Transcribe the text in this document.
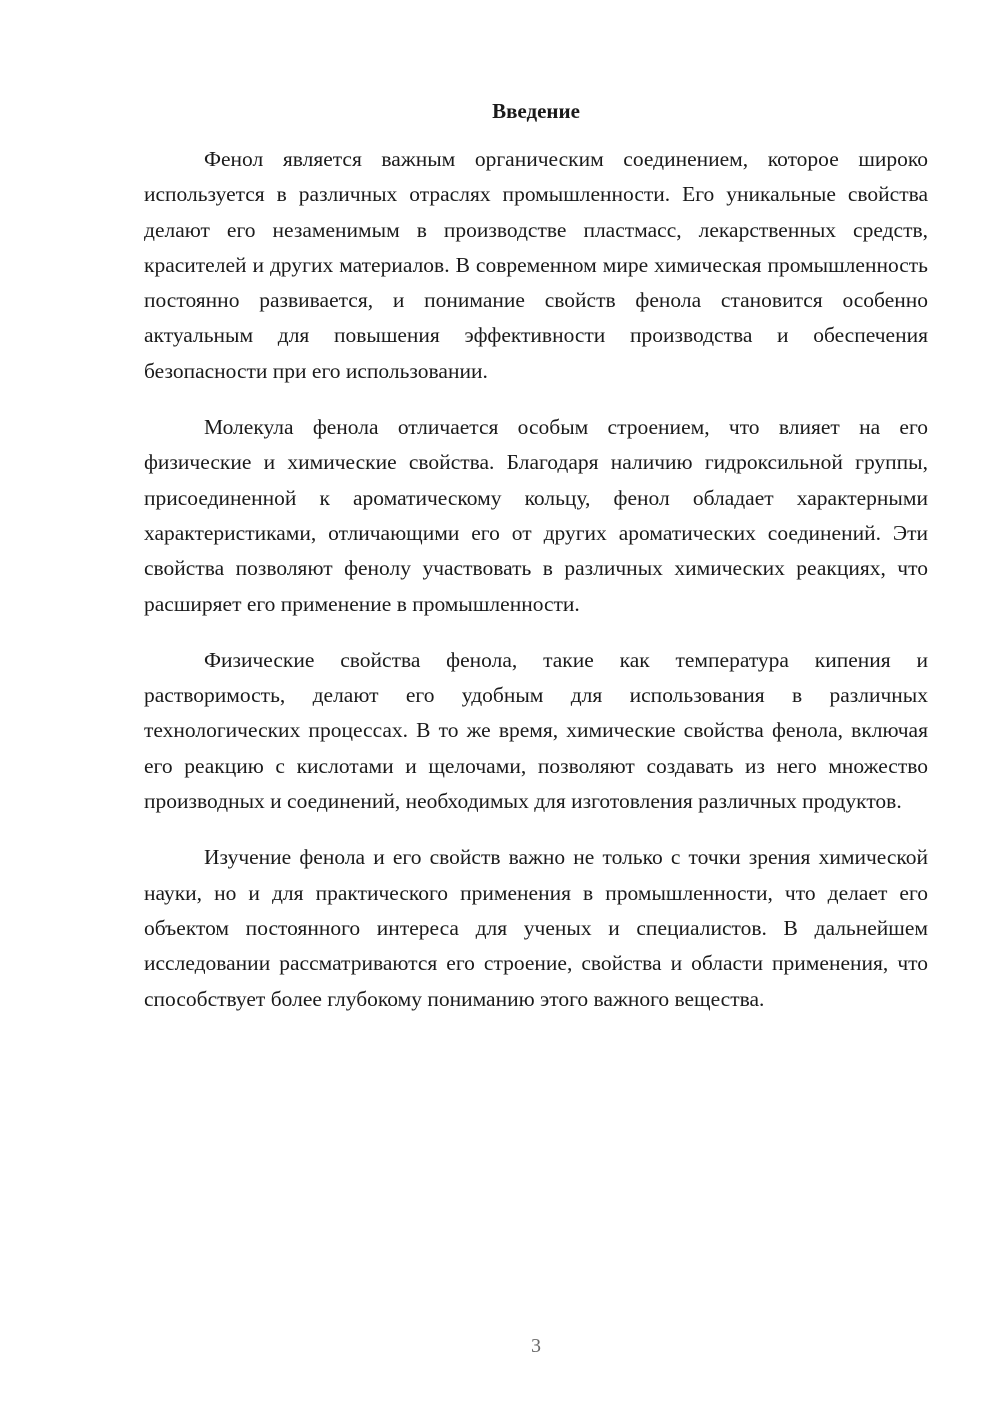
Введение

Фенол является важным органическим соединением, которое широко используется в различных отраслях промышленности. Его уникальные свойства делают его незаменимым в производстве пластмасс, лекарственных средств, красителей и других материалов. В современном мире химическая промышленность постоянно развивается, и понимание свойств фенола становится особенно актуальным для повышения эффективности производства и обеспечения безопасности при его использовании.

Молекула фенола отличается особым строением, что влияет на его физические и химические свойства. Благодаря наличию гидроксильной группы, присоединенной к ароматическому кольцу, фенол обладает характерными характеристиками, отличающими его от других ароматических соединений. Эти свойства позволяют фенолу участвовать в различных химических реакциях, что расширяет его применение в промышленности.

Физические свойства фенола, такие как температура кипения и растворимость, делают его удобным для использования в различных технологических процессах. В то же время, химические свойства фенола, включая его реакцию с кислотами и щелочами, позволяют создавать из него множество производных и соединений, необходимых для изготовления различных продуктов.

Изучение фенола и его свойств важно не только с точки зрения химической науки, но и для практического применения в промышленности, что делает его объектом постоянного интереса для ученых и специалистов. В дальнейшем исследовании рассматриваются его строение, свойства и области применения, что способствует более глубокому пониманию этого важного вещества.

3
